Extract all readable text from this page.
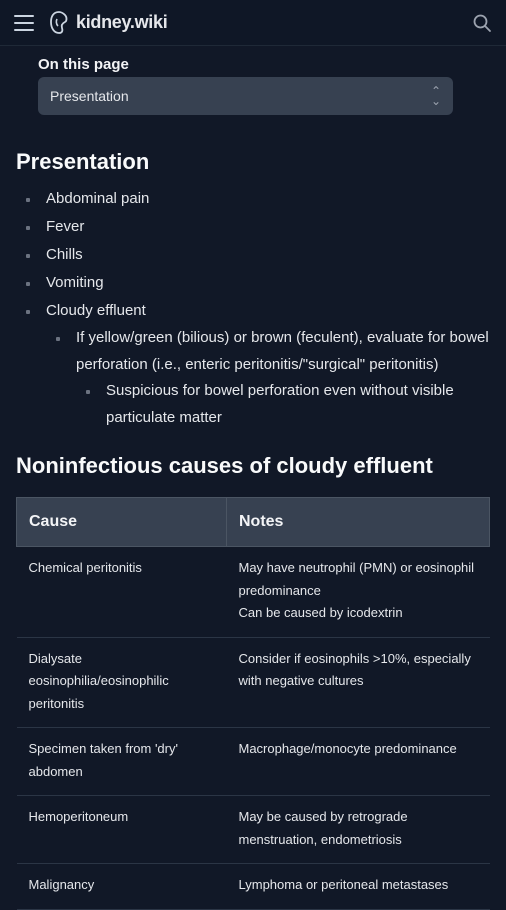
kidney.wiki
On this page
Presentation	⌃
⌄
Presentation
Abdominal pain
Fever
Chills
Vomiting
Cloudy effluent
If yellow/green (bilious) or brown (feculent), evaluate for bowel perforation (i.e., enteric peritonitis/"surgical" peritonitis)
Suspicious for bowel perforation even without visible particulate matter
Noninfectious causes of cloudy effluent
Cause	Notes
Chemical peritonitis	May have neutrophil (PMN) or eosinophil predominance
Can be caused by icodextrin

Dialysate eosinophilia/eosinophilic peritonitis	Consider if eosinophils >10%, especially with negative cultures

Specimen taken from 'dry' abdomen	Macrophage/monocyte predominance

Hemoperitoneum	May be caused by retrograde menstruation, endometriosis

Malignancy	Lymphoma or peritoneal metastases
